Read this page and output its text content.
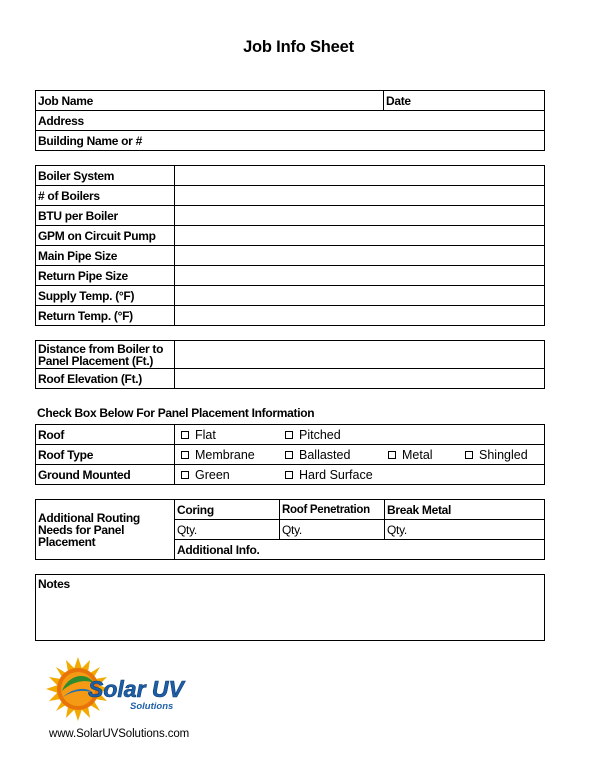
Job Info Sheet
Job Name	Date
Address
Building Name or #
Boiler System	
# of Boilers	
BTU per Boiler	
GPM on Circuit Pump	
Main Pipe Size	
Return Pipe Size	
Supply Temp. (°F)	
Return Temp. (°F)	
Distance from Boiler to Panel Placement (Ft.)	
Roof Elevation (Ft.)	
Check Box Below For Panel Placement Information
Roof	Flat Pitched

Roof Type	Membrane Ballasted Metal Shingled

Ground Mounted	Green Hard Surface
Additional Routing Needs for Panel Placement	Coring	Roof Penetration	Break Metal
	Qty.	Qty.	Qty.
	Additional Info.		
Notes
Solar UV
Solutions
www.SolarUVSolutions.com
